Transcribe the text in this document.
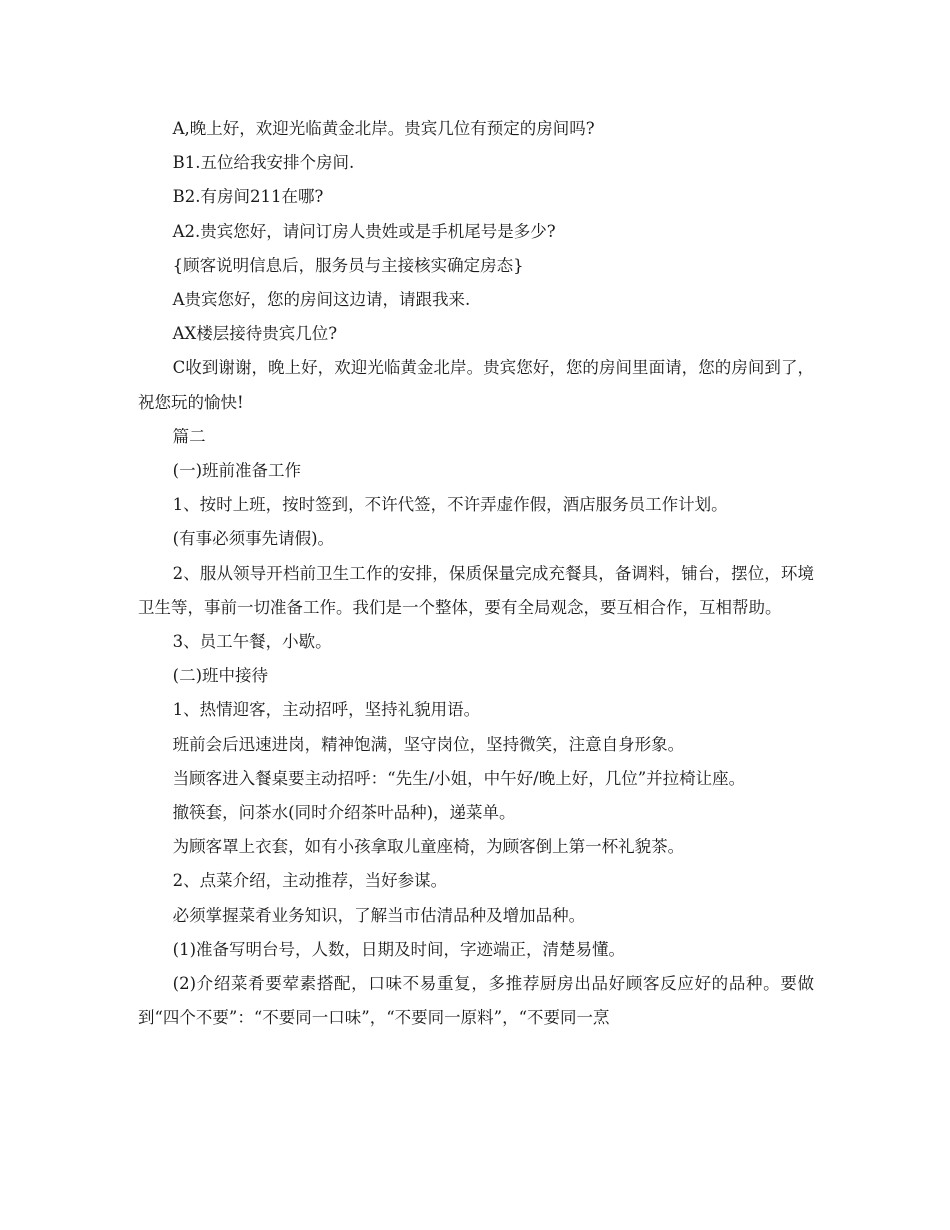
A,晚上好，欢迎光临黄金北岸。贵宾几位有预定的房间吗?

B1.五位给我安排个房间.

B2.有房间211在哪?

A2.贵宾您好，请问订房人贵姓或是手机尾号是多少?

{顾客说明信息后，服务员与主接核实确定房态}

A贵宾您好，您的房间这边请，请跟我来.

AX楼层接待贵宾几位?

C收到谢谢，晚上好，欢迎光临黄金北岸。贵宾您好，您的房间里面请，您的房间到了，祝您玩的愉快!

篇二

(一)班前准备工作

1、按时上班，按时签到，不许代签，不许弄虚作假，酒店服务员工作计划。

(有事必须事先请假)。

2、服从领导开档前卫生工作的安排，保质保量完成充餐具，备调料，铺台，摆位，环境卫生等，事前一切准备工作。我们是一个整体，要有全局观念，要互相合作，互相帮助。

3、员工午餐，小歇。

(二)班中接待

1、热情迎客，主动招呼，坚持礼貌用语。

班前会后迅速进岗，精神饱满，坚守岗位，坚持微笑，注意自身形象。

当顾客进入餐桌要主动招呼：“先生/小姐，中午好/晚上好，几位”并拉椅让座。

撤筷套，问茶水(同时介绍茶叶品种)，递菜单。

为顾客罩上衣套，如有小孩拿取儿童座椅，为顾客倒上第一杯礼貌茶。

2、点菜介绍，主动推荐，当好参谋。

必须掌握菜肴业务知识，了解当市估清品种及增加品种。

(1)准备写明台号，人数，日期及时间，字迹端正，清楚易懂。

(2)介绍菜肴要荤素搭配，口味不易重复，多推荐厨房出品好顾客反应好的品种。要做到“四个不要”：“不要同一口味”，“不要同一原料”，“不要同一烹
